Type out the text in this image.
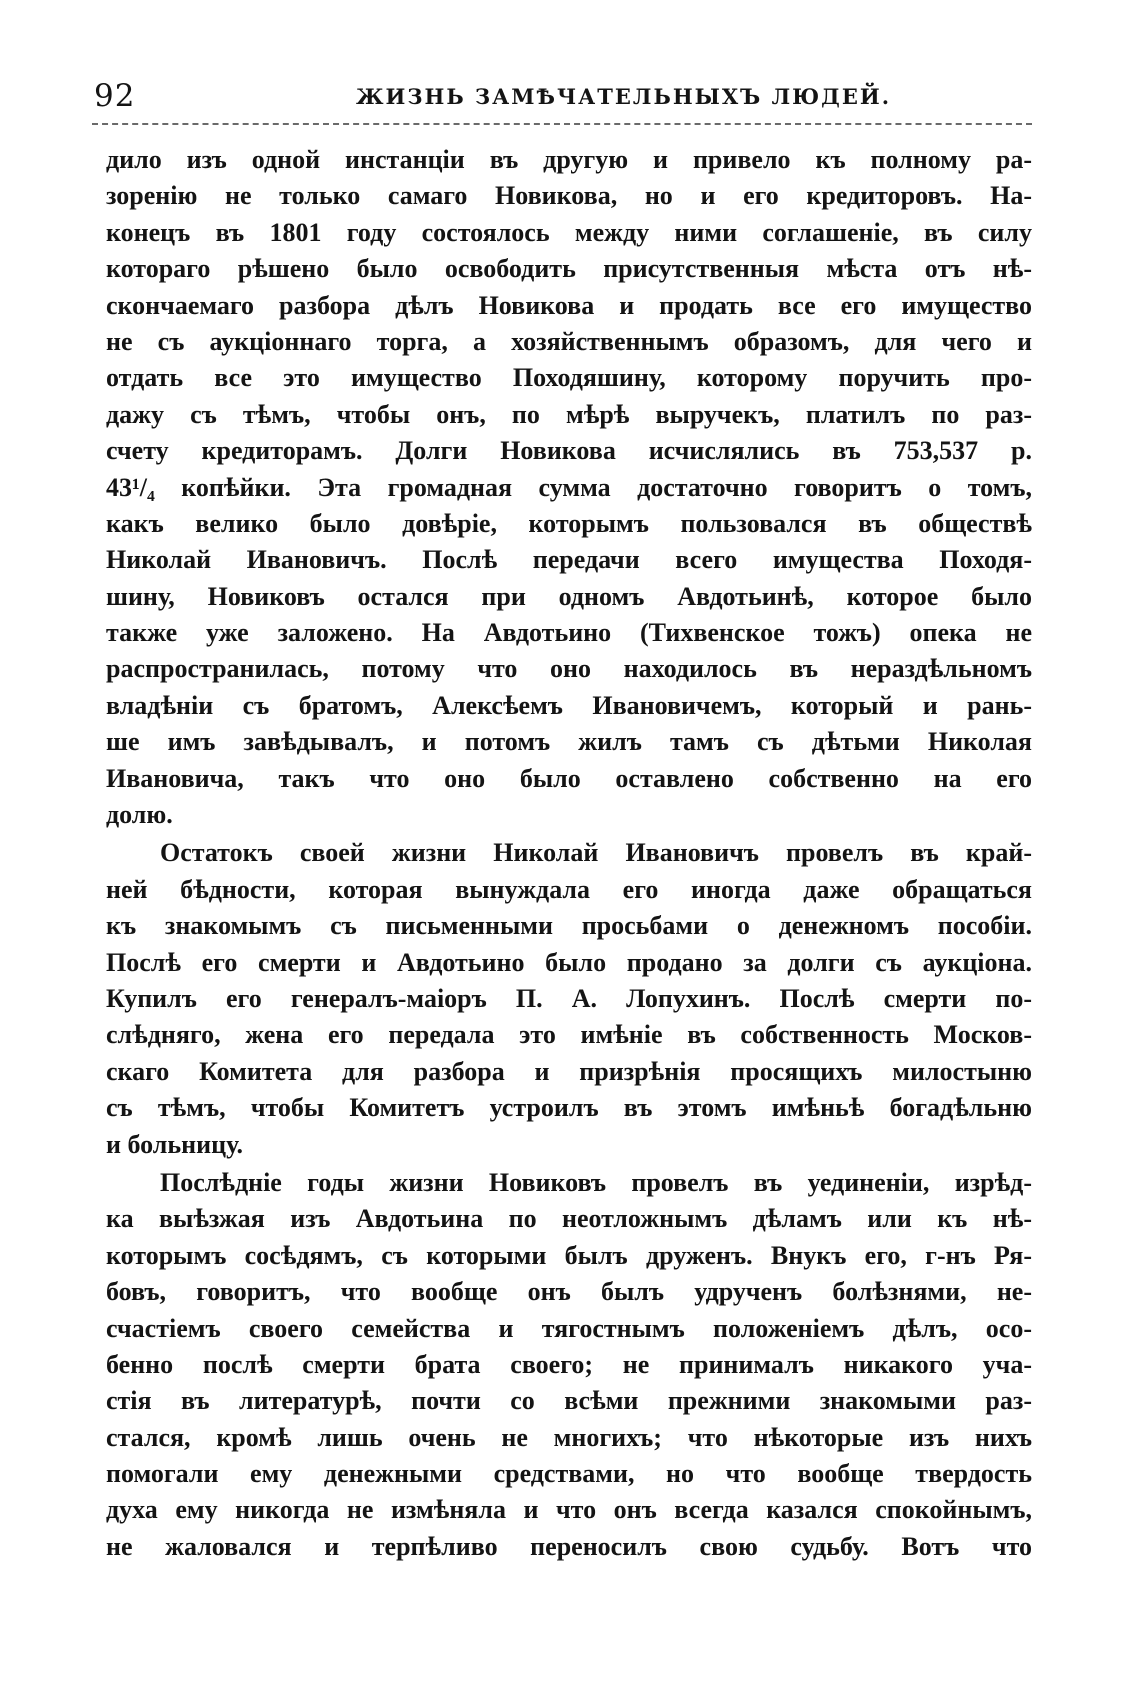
92	ЖИЗНЬ ЗАМѢЧАТЕЛЬНЫХЪ ЛЮДЕЙ.
дило изъ одной инстанціи въ другую и привело къ полному ра-
зоренію не только самаго Новикова, но и его кредиторовъ. На-
конецъ въ 1801 году состоялось между ними соглашеніе, въ силу
котораго рѣшено было освободить присутственныя мѣста отъ нѣ-
скончаемаго разбора дѣлъ Новикова и продать все его имущество
не съ аукціоннаго торга, а хозяйственнымъ образомъ, для чего и
отдать все это имущество Походяшину, которому поручить про-
дажу съ тѣмъ, чтобы онъ, по мѣрѣ выручекъ, платилъ по раз-
счету кредиторамъ. Долги Новикова исчислялись въ 753,537 р.
43¹/₄ копѣйки. Эта громадная сумма достаточно говоритъ о томъ,
какъ велико было довѣріе, которымъ пользовался въ обществѣ
Николай Ивановичъ. Послѣ передачи всего имущества Походя-
шину, Новиковъ остался при одномъ Авдотьинѣ, которое было
также уже заложено. На Авдотьино (Тихвенское тожъ) опека не
распространилась, потому что оно находилось въ нераздѣльномъ
владѣніи съ братомъ, Алексѣемъ Ивановичемъ, который и рань-
ше имъ завѣдывалъ, и потомъ жилъ тамъ съ дѣтьми Николая
Ивановича, такъ что оно было оставлено собственно на его
долю.
Остатокъ своей жизни Николай Ивановичъ провелъ въ край-
ней бѣдности, которая вынуждала его иногда даже обращаться
къ знакомымъ съ письменными просьбами о денежномъ пособіи.
Послѣ его смерти и Авдотьино было продано за долги съ аукціона.
Купилъ его генералъ-маіоръ П. А. Лопухинъ. Послѣ смерти по-
слѣдняго, жена его передала это имѣніе въ собственность Москов-
скаго Комитета для разбора и призрѣнія просящихъ милостыню
съ тѣмъ, чтобы Комитетъ устроилъ въ этомъ имѣньѣ богадѣльню
и больницу.
Послѣдніе годы жизни Новиковъ провелъ въ уединеніи, изрѣд-
ка выѣзжая изъ Авдотьина по неотложнымъ дѣламъ или къ нѣ-
которымъ сосѣдямъ, съ которыми былъ друженъ. Внукъ его, г-нъ Ря-
бовъ, говоритъ, что вообще онъ былъ удрученъ болѣзнями, не-
счастіемъ своего семейства и тягостнымъ положеніемъ дѣлъ, осо-
бенно послѣ смерти брата своего; не принималъ никакого уча-
стія въ литературѣ, почти со всѣми прежними знакомыми раз-
стался, кромѣ лишь очень не многихъ; что нѣкоторые изъ нихъ
помогали ему денежными средствами, но что вообще твердость
духа ему никогда не измѣняла и что онъ всегда казался спокойнымъ,
не жаловался и терпѣливо переносилъ свою судьбу. Вотъ что
